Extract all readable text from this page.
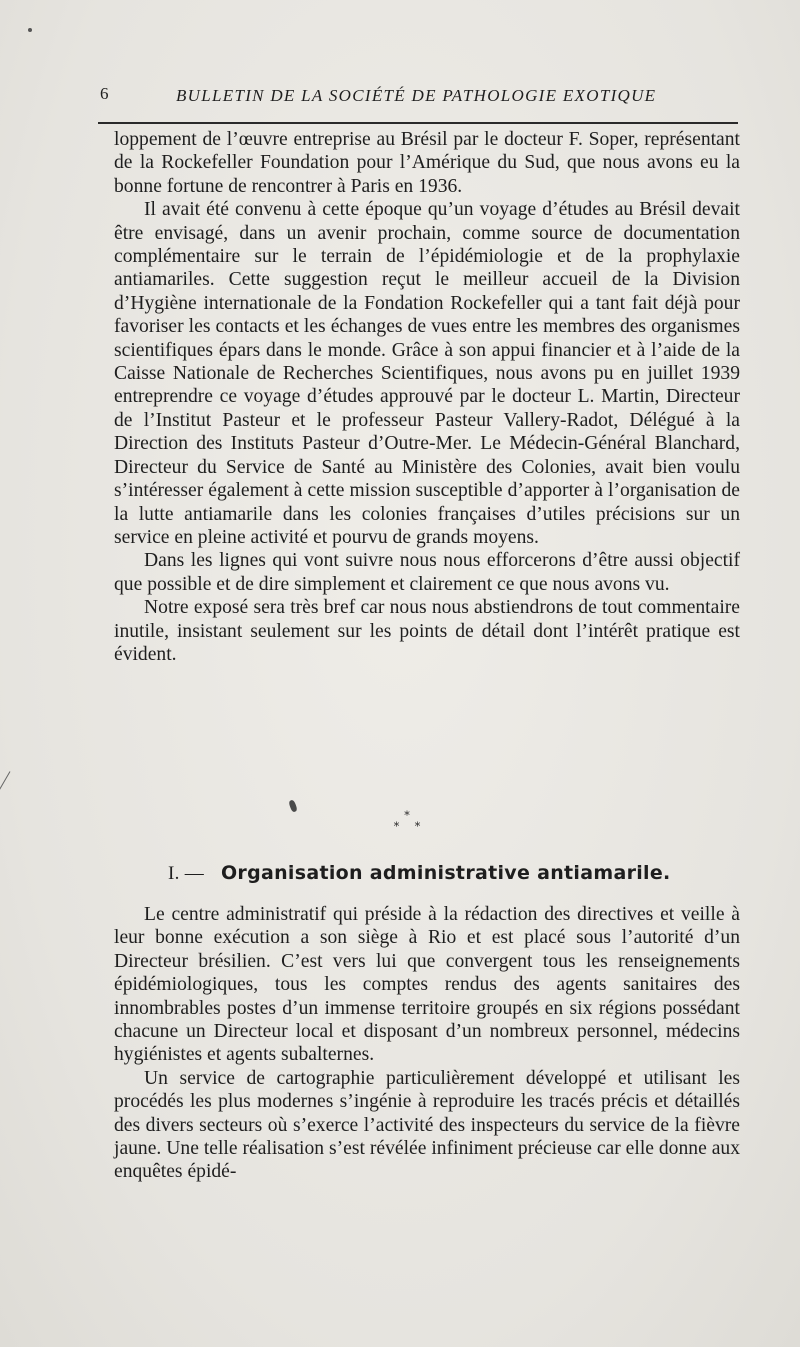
6	BULLETIN DE LA SOCIÉTÉ DE PATHOLOGIE EXOTIQUE

loppement de l’œuvre entreprise au Brésil par le docteur F. Soper, représentant de la Rockefeller Foundation pour l’Amérique du Sud, que nous avons eu la bonne fortune de rencontrer à Paris en 1936.

Il avait été convenu à cette époque qu’un voyage d’études au Brésil devait être envisagé, dans un avenir prochain, comme source de documentation complémentaire sur le terrain de l’épidémiologie et de la prophylaxie antiamariles. Cette suggestion reçut le meilleur accueil de la Division d’Hygiène internationale de la Fondation Rockefeller qui a tant fait déjà pour favoriser les contacts et les échanges de vues entre les membres des organismes scientifiques épars dans le monde. Grâce à son appui financier et à l’aide de la Caisse Nationale de Recherches Scientifiques, nous avons pu en juillet 1939 entreprendre ce voyage d’études approuvé par le docteur L. Martin, Directeur de l’Institut Pasteur et le professeur Pasteur Vallery-Radot, Délégué à la Direction des Instituts Pasteur d’Outre-Mer. Le Médecin-Général Blanchard, Directeur du Service de Santé au Ministère des Colonies, avait bien voulu s’intéresser également à cette mission susceptible d’apporter à l’organisation de la lutte antiamarile dans les colonies françaises d’utiles précisions sur un service en pleine activité et pourvu de grands moyens.

Dans les lignes qui vont suivre nous nous efforcerons d’être aussi objectif que possible et de dire simplement et clairement ce que nous avons vu.

Notre exposé sera très bref car nous nous abstiendrons de tout commentaire inutile, insistant seulement sur les points de détail dont l’intérêt pratique est évident.

*
* *
I. — Organisation administrative antiamarile.

Le centre administratif qui préside à la rédaction des directives et veille à leur bonne exécution a son siège à Rio et est placé sous l’autorité d’un Directeur brésilien. C’est vers lui que convergent tous les renseignements épidémiologiques, tous les comptes rendus des agents sanitaires des innombrables postes d’un immense territoire groupés en six régions possédant chacune un Directeur local et disposant d’un nombreux personnel, médecins hygiénistes et agents subalternes.

Un service de cartographie particulièrement développé et utilisant les procédés les plus modernes s’ingénie à reproduire les tracés précis et détaillés des divers secteurs où s’exerce l’activité des inspecteurs du service de la fièvre jaune. Une telle réalisation s’est révélée infiniment précieuse car elle donne aux enquêtes épidé-
